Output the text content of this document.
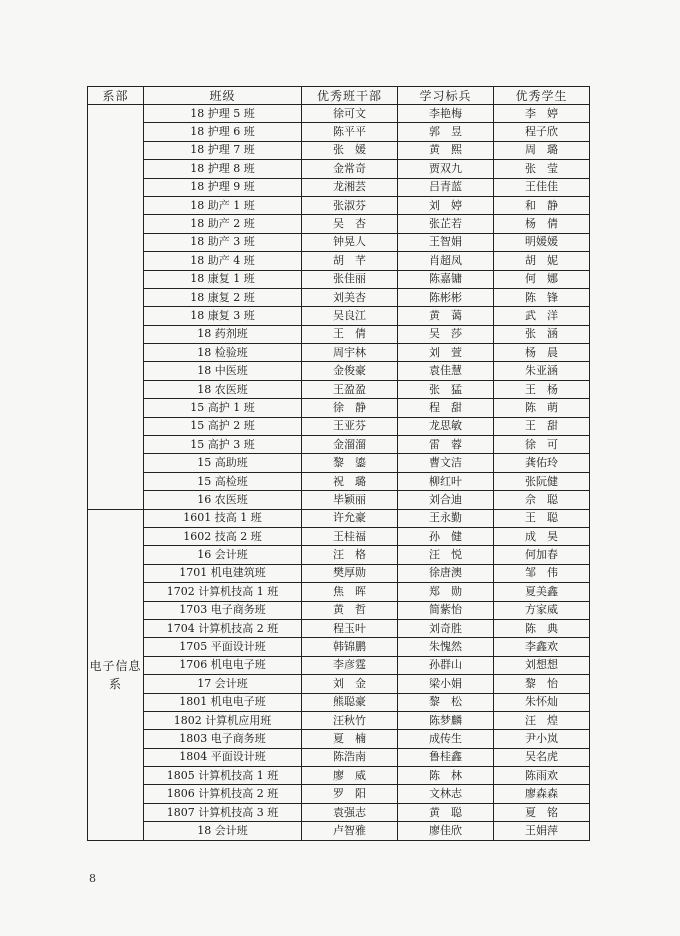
系部	班级	优秀班干部	学习标兵	优秀学生
	18 护理 5 班	徐可文	李艳梅	李　婷
	18 护理 6 班	陈平平	郭　昱	程子欣
	18 护理 7 班	张　媛	黄　熙	周　璐
	18 护理 8 班	金常奇	贾双九	张　莹
	18 护理 9 班	龙湘芸	吕青蓝	王佳佳
	18 助产 1 班	张淑芬	刘　婷	和　静
	18 助产 2 班	吴　杏	张芷若	杨　倩
	18 助产 3 班	钟晃人	王智娟	明媛媛
	18 助产 4 班	胡　芊	肖超凤	胡　妮
	18 康复 1 班	张佳丽	陈嘉镛	何　娜
	18 康复 2 班	刘美杏	陈彬彬	陈　锋
	18 康复 3 班	吴良江	黄　蔼	武　洋
	18 药剂班	王　倩	吴　莎	张　涵
	18 检验班	周宇林	刘　萱	杨　晨
	18 中医班	金俊豪	袁佳慧	朱亚涵
	18 农医班	王盈盈	张　猛	王　杨
	15 高护 1 班	徐　静	程　甜	陈　萌
	15 高护 2 班	王亚芬	龙思敏	王　甜
	15 高护 3 班	金溜溜	雷　蓉	徐　可
	15 高助班	黎　鎏	曹文洁	龚佑玲
	15 高检班	祝　璐	柳红叶	张阮健
	16 农医班	毕颖丽	刘合迪	佘　聪
电子信息系	1601 技高 1 班	许允豪	王永勤	王　聪
	1602 技高 2 班	王桂福	孙　健	成　昊
	16 会计班	汪　格	汪　悦	何加春
	1701 机电建筑班	樊厚勋	徐唐澳	邹　伟
	1702 计算机技高 1 班	焦　晖	郑　勋	夏美鑫
	1703 电子商务班	黄　哲	简紫怡	方家威
	1704 计算机技高 2 班	程玉叶	刘奇胜	陈　典
	1705 平面设计班	韩锦鹏	朱愧然	李鑫欢
	1706 机电电子班	李彦霆	孙群山	刘想想
	17 会计班	刘　金	梁小娟	黎　怡
	1801 机电电子班	熊聪豪	黎　松	朱怀灿
	1802 计算机应用班	汪秋竹	陈梦麟	汪　煌
	1803 电子商务班	夏　楠	成传生	尹小岚
	1804 平面设计班	陈浩南	鲁桂鑫	吴名虎
	1805 计算机技高 1 班	廖　威	陈　林	陈雨欢
	1806 计算机技高 2 班	罗　阳	文林志	廖森森
	1807 计算机技高 3 班	袁强志	黄　聪	夏　铭
	18 会计班	卢智雅	廖佳欣	王娟萍
8
